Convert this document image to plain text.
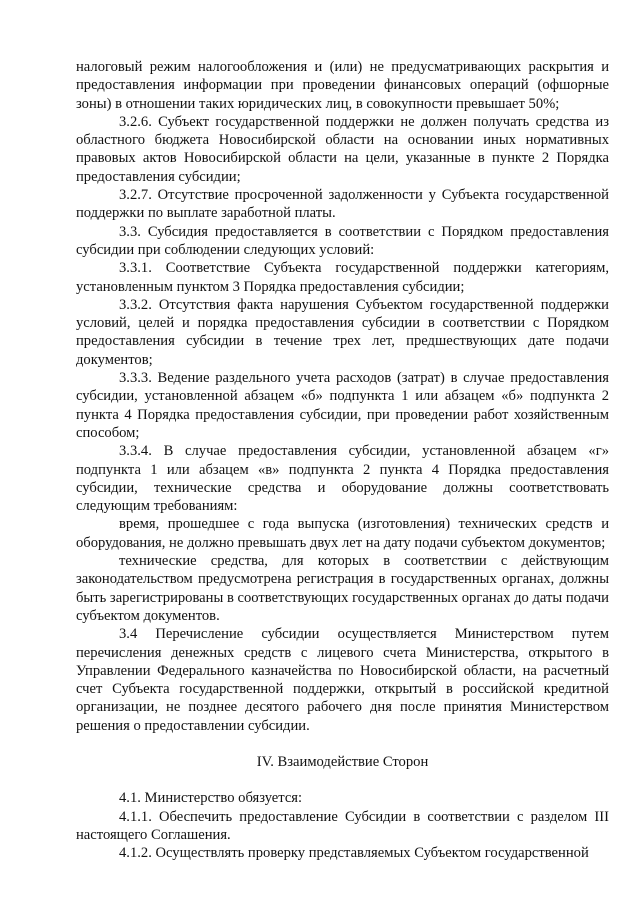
налоговый режим налогообложения и (или) не предусматривающих раскрытия и предоставления информации при проведении финансовых операций (офшорные зоны) в отношении таких юридических лиц, в совокупности превышает 50%;

3.2.6. Субъект государственной поддержки не должен получать средства из областного бюджета Новосибирской области на основании иных нормативных правовых актов Новосибирской области на цели, указанные в пункте 2 Порядка предоставления субсидии;

3.2.7. Отсутствие просроченной задолженности у Субъекта государственной поддержки по выплате заработной платы.

3.3. Субсидия предоставляется в соответствии с Порядком предоставления субсидии при соблюдении следующих условий:

3.3.1. Соответствие Субъекта государственной поддержки категориям, установленным пунктом 3 Порядка предоставления субсидии;

3.3.2. Отсутствия факта нарушения Субъектом государственной поддержки условий, целей и порядка предоставления субсидии в соответствии с Порядком предоставления субсидии в течение трех лет, предшествующих дате подачи документов;

3.3.3. Ведение раздельного учета расходов (затрат) в случае предоставления субсидии, установленной абзацем «б» подпункта 1 или абзацем «б» подпункта 2 пункта 4 Порядка предоставления субсидии, при проведении работ хозяйственным способом;

3.3.4. В случае предоставления субсидии, установленной абзацем «г» подпункта 1 или абзацем «в» подпункта 2 пункта 4 Порядка предоставления субсидии, технические средства и оборудование должны соответствовать следующим требованиям:

время, прошедшее с года выпуска (изготовления) технических средств и оборудования, не должно превышать двух лет на дату подачи субъектом документов;

технические средства, для которых в соответствии с действующим законодательством предусмотрена регистрация в государственных органах, должны быть зарегистрированы в соответствующих государственных органах до даты подачи субъектом документов.

3.4 Перечисление субсидии осуществляется Министерством путем перечисления денежных средств с лицевого счета Министерства, открытого в Управлении Федерального казначейства по Новосибирской области, на расчетный счет Субъекта государственной поддержки, открытый в российской кредитной организации, не позднее десятого рабочего дня после принятия Министерством решения о предоставлении субсидии.

IV. Взаимодействие Сторон

4.1. Министерство обязуется:

4.1.1. Обеспечить предоставление Субсидии в соответствии с разделом III настоящего Соглашения.

4.1.2. Осуществлять проверку представляемых Субъектом государственной
